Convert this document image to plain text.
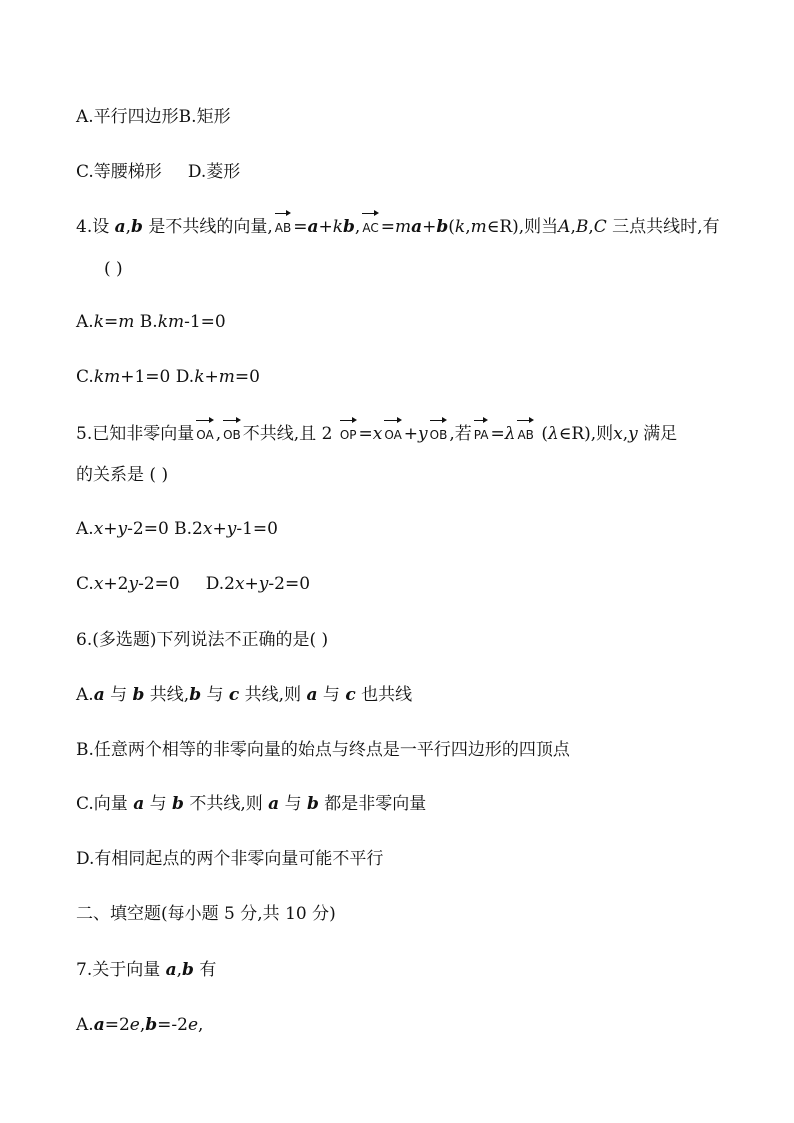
A.平行四边形B.矩形
C.等腰梯形 D.菱形
4.设 a,b 是不共线的向量, AB =a+kb, AC =ma+b(k,m∈R),则当A,B,C 三点共线时,有
( )
A.k=m B.km-1=0
C.km+1=0 D.k+m=0
5.已知非零向量 OA , OB 不共线,且 2 OP =x OA +y OB ,若 PA =λ AB (λ∈R),则x,y 满足
的关系是 ( )
A.x+y-2=0 B.2x+y-1=0
C.x+2y-2=0 D.2x+y-2=0
6.(多选题)下列说法不正确的是( )
A.a 与 b 共线,b 与 c 共线,则 a 与 c 也共线
B.任意两个相等的非零向量的始点与终点是一平行四边形的四顶点
C.向量 a 与 b 不共线,则 a 与 b 都是非零向量
D.有相同起点的两个非零向量可能不平行
二、填空题(每小题 5 分,共 10 分)
7.关于向量 a,b 有
A.a=2e,b=-2e,
